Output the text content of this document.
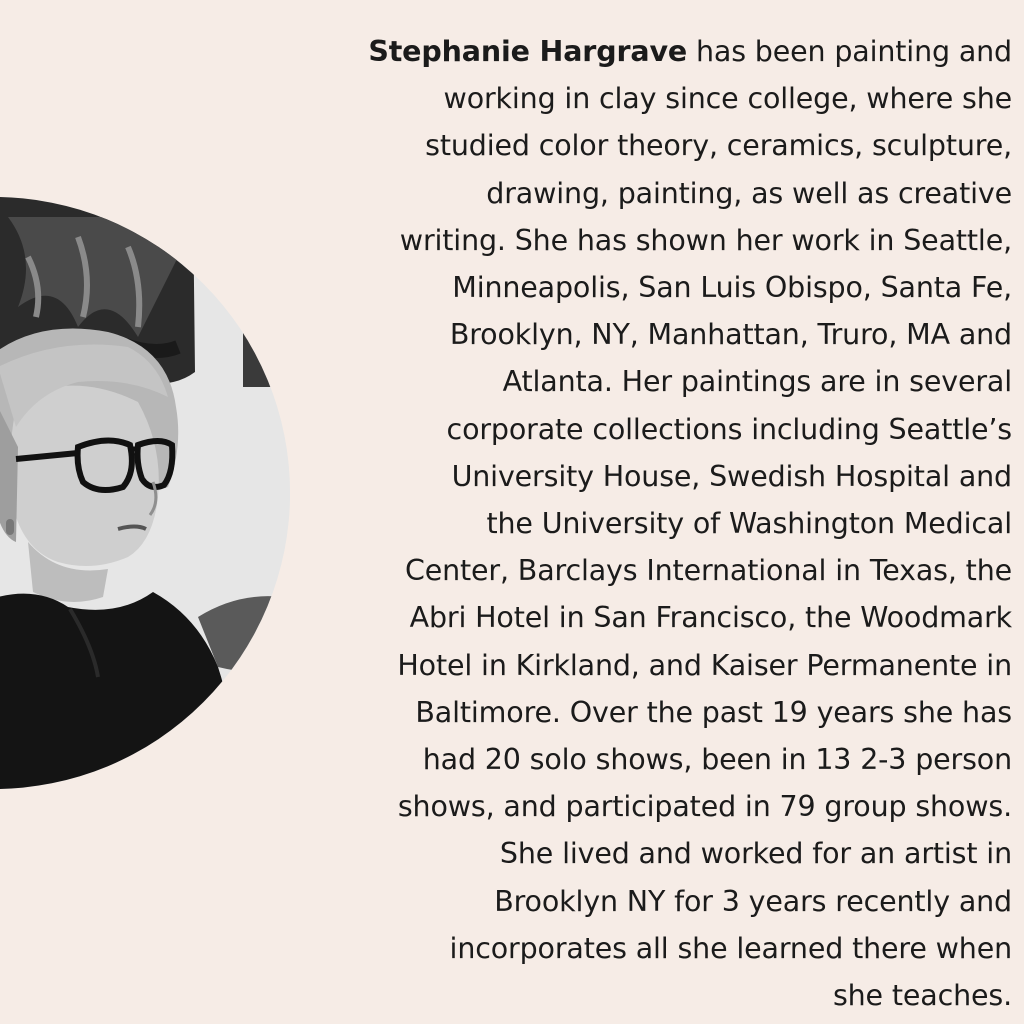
Stephanie Hargrave has been painting and
working in clay since college, where she
studied color theory, ceramics, sculpture,
drawing, painting, as well as creative
writing. She has shown her work in Seattle,
Minneapolis, San Luis Obispo, Santa Fe,
Brooklyn, NY, Manhattan, Truro, MA and
Atlanta. Her paintings are in several
corporate collections including Seattle’s
University House, Swedish Hospital and
the University of Washington Medical
Center, Barclays International in Texas, the
Abri Hotel in San Francisco, the Woodmark
Hotel in Kirkland, and Kaiser Permanente in
Baltimore. Over the past 19 years she has
had 20 solo shows, been in 13 2-3 person
shows, and participated in 79 group shows.
She lived and worked for an artist in
Brooklyn NY for 3 years recently and
incorporates all she learned there when
she teaches.
